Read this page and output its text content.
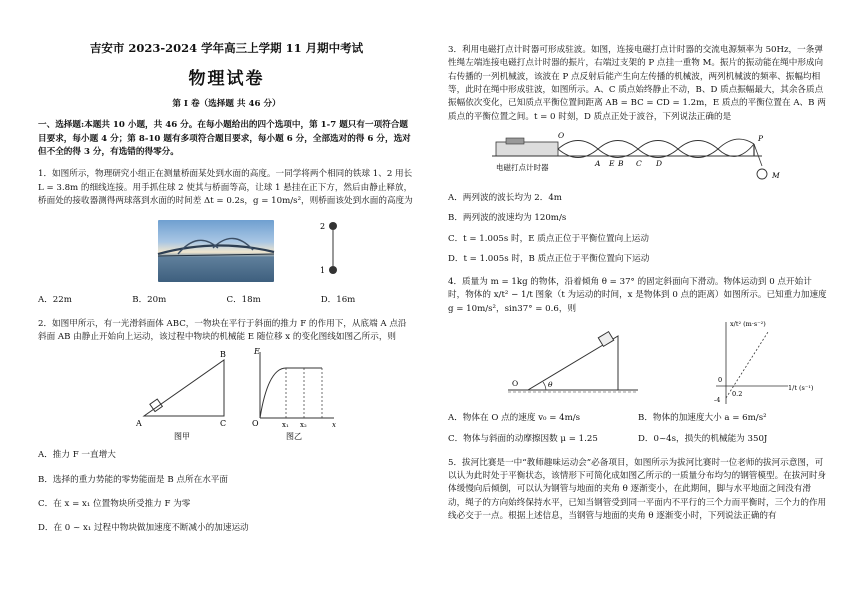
吉安市 2023-2024 学年高三上学期 11 月期中考试
物理试卷
第 I 卷（选择题 共 46 分）

一、选择题:本题共 10 小题，共 46 分。在每小题给出的四个选项中，第 1-7 题只有一项符合题目要求，每小题 4 分；第 8-10 题有多项符合题目要求，每小题 6 分，全部选对的得 6 分，选对但不全的得 3 分，有选错的得零分。

1．如图所示，物理研究小组正在测量桥面某处到水面的高度。一同学将两个相同的铁球 1、2 用长 L = 3.8m 的细线连接。用手抓住球 2 使其与桥面等高，让球 1 悬挂在正下方，然后由静止释放，桥面处的接收器测得两球落到水面的时间差 Δt = 0.2s，g = 10m/s²，则桥面该处到水面的高度为

2
1
A．22m	B．20m	C．18m	D．16m

2．如图甲所示，有一光滑斜面体 ABC，一物块在平行于斜面的推力 F 的作用下，从底端 A 点沿斜面 AB 由静止开始向上运动，该过程中物块的机械能 E 随位移 x 的变化图线如图乙所示，则

A
B
C
图甲
E
O	x₁ x₂	x
图乙

A．推力 F 一直增大

B．选择的重力势能的零势能面是 B 点所在水平面

C．在 x = x₁ 位置物块所受推力 F 为零

D．在 0 ~ x₁ 过程中物块做加速度不断减小的加速运动

3．利用电磁打点计时器可形成驻波。如图，连接电磁打点计时器的交流电源频率为 50Hz，一条弹性绳左端连接电磁打点计时器的振片，右端过支架的 P 点挂一重物 M。振片的振动能在绳中形成向右传播的一列机械波，该波在 P 点反射后能产生向左传播的机械波，两列机械波的频率、振幅均相等，此时在绳中形成驻波，如图所示。A、C 质点始终静止不动，B、D 质点振幅最大，其余各质点振幅依次变化，已知质点平衡位置间距离 AB = BC = CD = 1.2m，E 质点的平衡位置在 A、B 两质点的平衡位置之间。t = 0 时刻，D 质点正处于波谷，下列说法正确的是

电磁打点计时器
O
A E B C D
P
M

A．两列波的波长均为 2．4m

B．两列波的波速均为 120m/s

C．t = 1.005s 时，E 质点正位于平衡位置向上运动

D．t = 1.005s 时，B 质点正位于平衡位置向下运动

4．质量为 m = 1kg 的物体，沿着倾角 θ = 37° 的固定斜面向下滑动。物体运动到 0 点开始计时，物体的 x/t² − 1/t 图象（t 为运动的时间，x 是物体到 0 点的距离）如图所示。已知重力加速度 g = 10m/s²，sin37° = 0.6，则

θ
O
x/t² (m·s⁻²)
1/t (s⁻¹)
0.2
-4
0
A．物体在 O 点的速度 v₀ = 4m/s	B．物体的加速度大小 a = 6m/s²
C．物体与斜面的动摩擦因数 μ = 1.25	D．0~4s，损失的机械能为 350J

5．拔河比赛是一中“教师趣味运动会”必备项目，如图所示为拔河比赛时一位老师的拔河示意图，可以认为此时处于平衡状态，该情形下可简化成如图乙所示的一质量分布均匀的钢管模型。在拔河时身体缓慢向后倾倒，可以认为钢管与地面的夹角 θ 逐渐变小，在此期间，脚与水平地面之间没有滑动，绳子的方向始终保持水平，已知当钢管受到同一平面内不平行的三个力而平衡时，三个力的作用线必交于一点。根据上述信息，当钢管与地面的夹角 θ 逐渐变小时，下列说法正确的有
